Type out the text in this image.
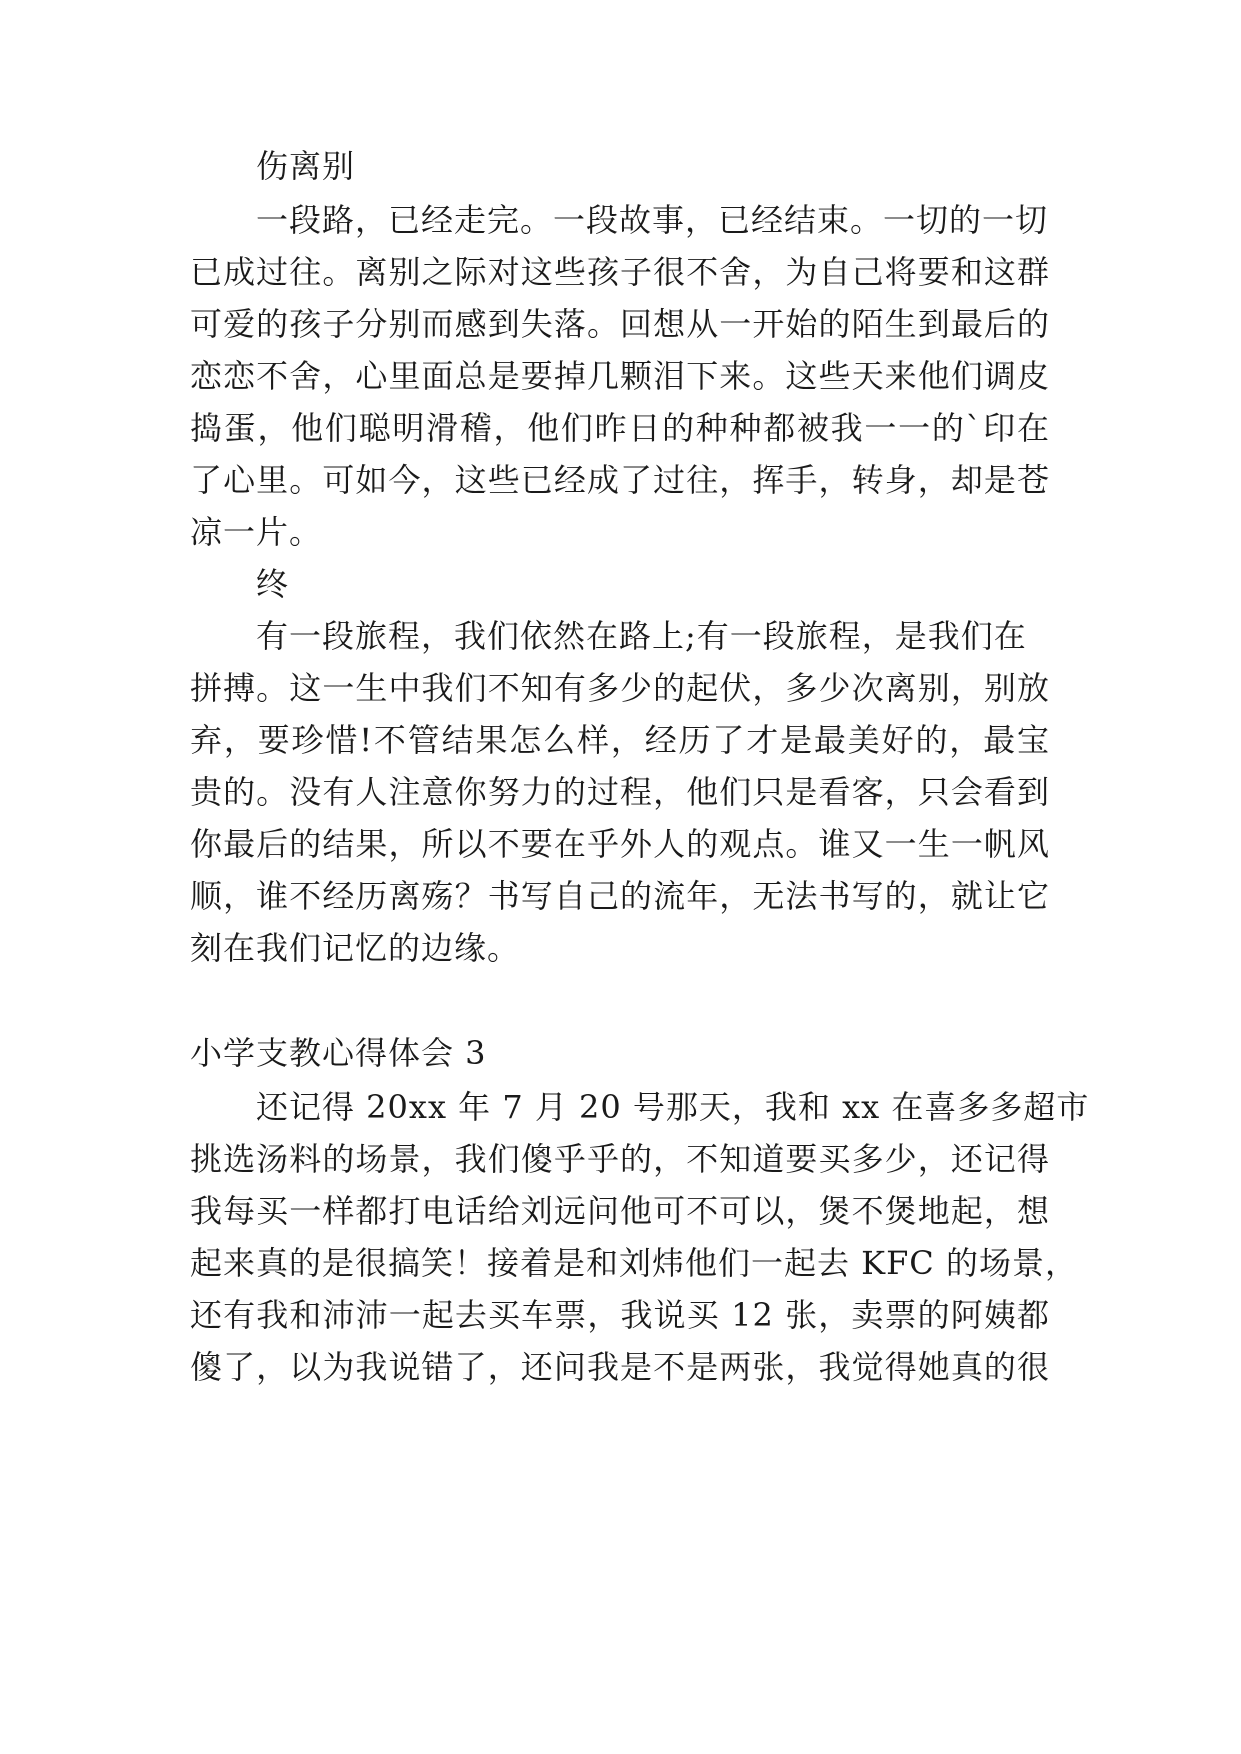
伤离别
一段路，已经走完。一段故事，已经结束。一切的一切
已成过往。离别之际对这些孩子很不舍，为自己将要和这群
可爱的孩子分别而感到失落。回想从一开始的陌生到最后的
恋恋不舍，心里面总是要掉几颗泪下来。这些天来他们调皮
捣蛋，他们聪明滑稽，他们昨日的种种都被我一一的`印在
了心里。可如今，这些已经成了过往，挥手，转身，却是苍
凉一片。
终
有一段旅程，我们依然在路上;有一段旅程，是我们在
拼搏。这一生中我们不知有多少的起伏，多少次离别，别放
弃，要珍惜!不管结果怎么样，经历了才是最美好的，最宝
贵的。没有人注意你努力的过程，他们只是看客，只会看到
你最后的结果，所以不要在乎外人的观点。谁又一生一帆风
顺，谁不经历离殇？书写自己的流年，无法书写的，就让它
刻在我们记忆的边缘。
小学支教心得体会 3
还记得 20xx 年 7 月 20 号那天，我和 xx 在喜多多超市
挑选汤料的场景，我们傻乎乎的，不知道要买多少，还记得
我每买一样都打电话给刘远问他可不可以，煲不煲地起，想
起来真的是很搞笑！接着是和刘炜他们一起去 KFC 的场景，
还有我和沛沛一起去买车票，我说买 12 张，卖票的阿姨都
傻了，以为我说错了，还问我是不是两张，我觉得她真的很
